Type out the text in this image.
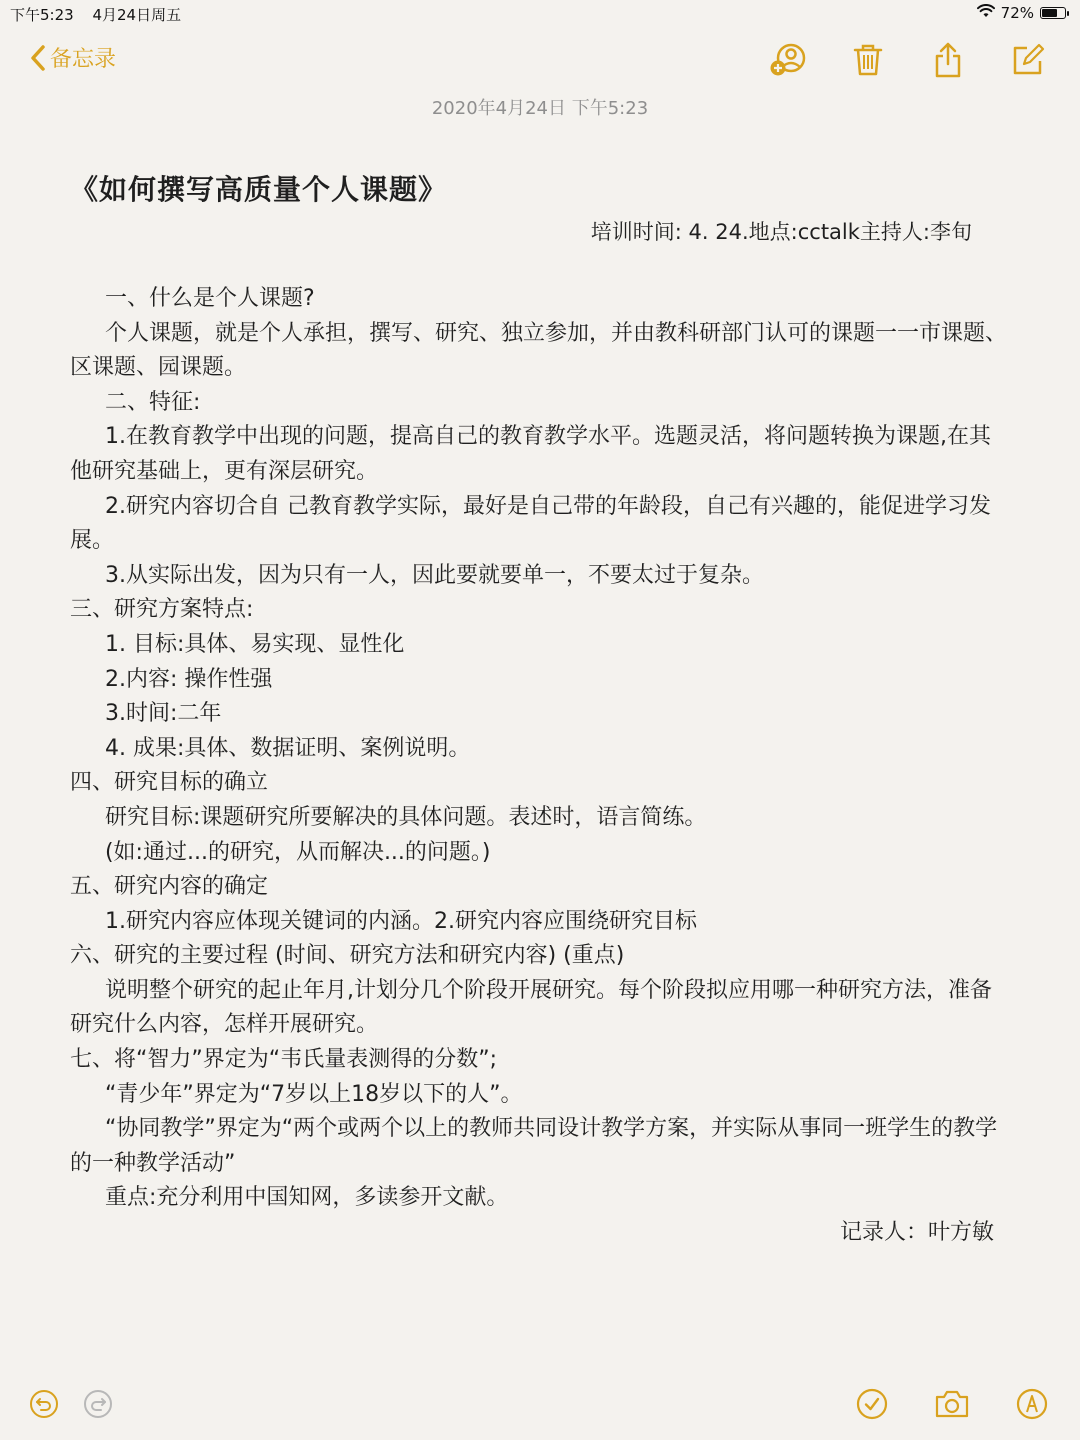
下午5:23 4月24日周五	72%
备忘录
2020年4月24日 下午5:23
《如何撰写高质量个人课题》
培训时间: 4. 24.地点:cctalk主持人:李旬

一、什么是个人课题?

个人课题，就是个人承担，撰写、研究、独立参加，并由教科研部门认可的课题一一市课题、区课题、园课题。

二、特征:

1.在教育教学中出现的问题，提高自己的教育教学水平。选题灵活，将问题转换为课题,在其他研究基础上，更有深层研究。

2.研究内容切合自 己教育教学实际，最好是自己带的年龄段，自己有兴趣的，能促进学习发展。

3.从实际出发，因为只有一人，因此要就要单一，不要太过于复杂。

三、研究方案特点:

1. 目标:具体、易实现、显性化

2.内容: 操作性强

3.时间:二年

4. 成果:具体、数据证明、案例说明。

四、研究目标的确立

研究目标:课题研究所要解决的具体问题。表述时，语言简练。

(如:通过...的研究，从而解决...的问题。)

五、研究内容的确定

1.研究内容应体现关键词的内涵。2.研究内容应围绕研究目标

六、研究的主要过程 (时间、研究方法和研究内容) (重点)

说明整个研究的起止年月,计划分几个阶段开展研究。每个阶段拟应用哪一种研究方法，准备研究什么内容，怎样开展研究。

七、将“智力”界定为“韦氏量表测得的分数”;

“青少年”界定为“7岁以上18岁以下的人”。

“协同教学”界定为“两个或两个以上的教师共同设计教学方案，并实际从事同一班学生的教学的一种教学活动”

重点:充分利用中国知网，多读参开文献。

记录人：叶方敏
